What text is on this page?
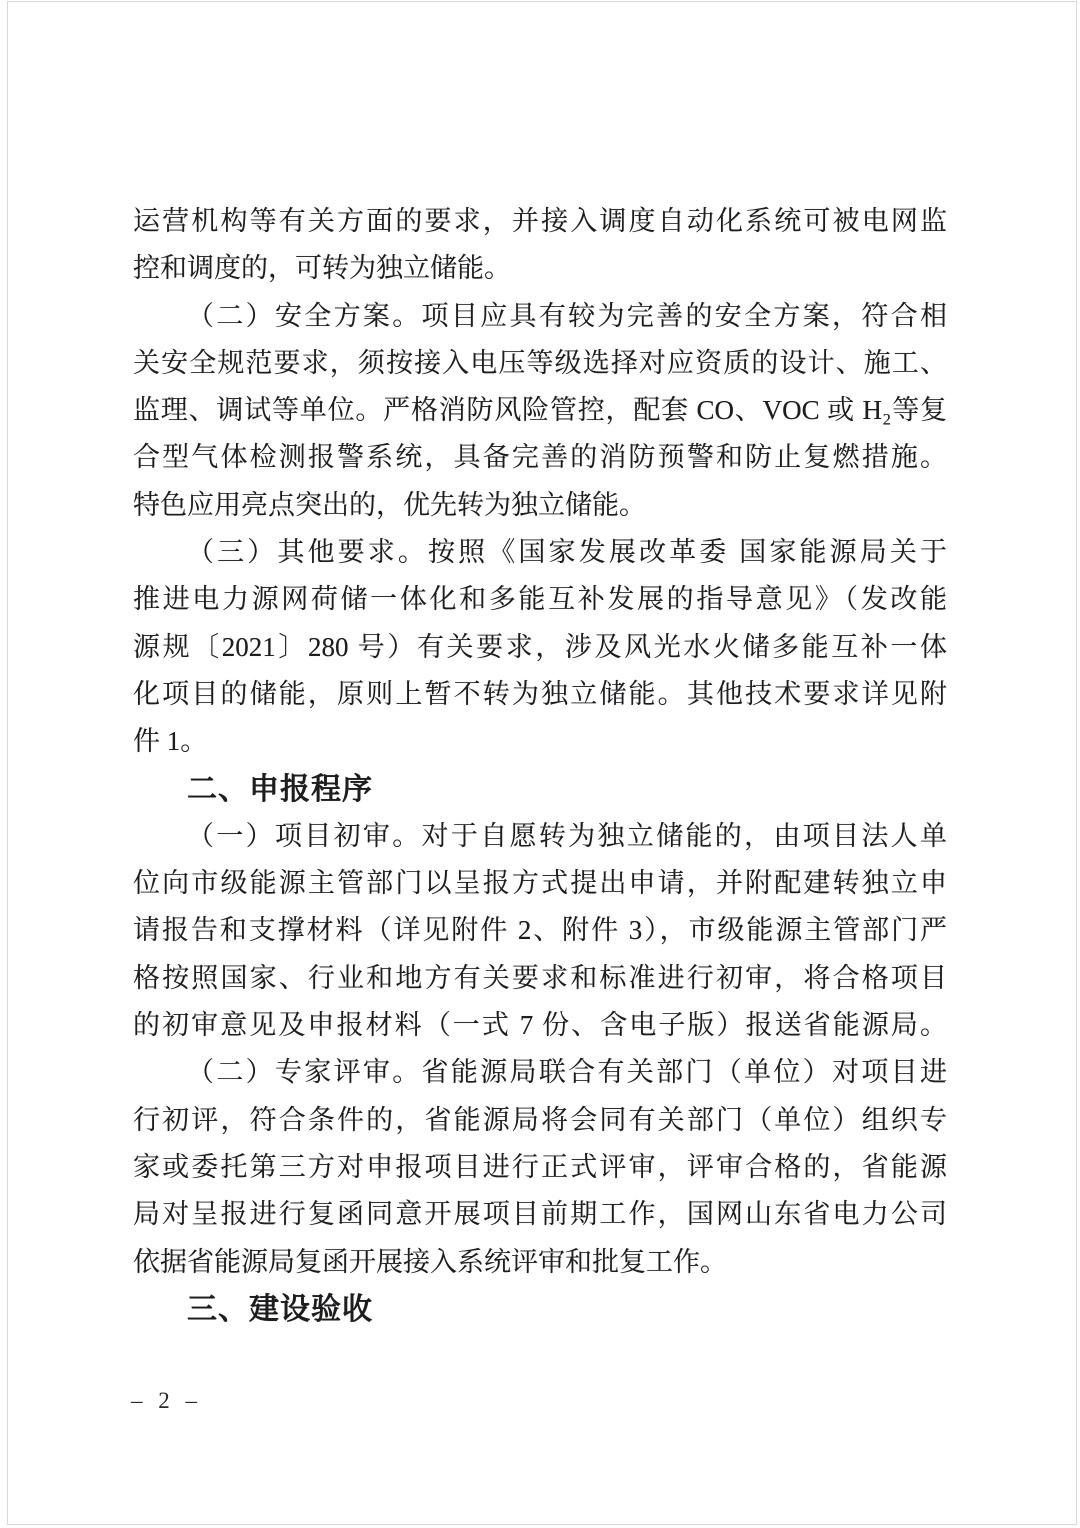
运营机构等有关方面的要求，并接入调度自动化系统可被电网监
控和调度的，可转为独立储能。
（二）安全方案。项目应具有较为完善的安全方案，符合相
关安全规范要求，须按接入电压等级选择对应资质的设计、施工、
监理、调试等单位。严格消防风险管控，配套 CO、VOC 或 H₂等复
合型气体检测报警系统，具备完善的消防预警和防止复燃措施。
特色应用亮点突出的，优先转为独立储能。
（三）其他要求。按照《国家发展改革委 国家能源局关于
推进电力源网荷储一体化和多能互补发展的指导意见》（发改能
源规〔2021〕280 号）有关要求，涉及风光水火储多能互补一体
化项目的储能，原则上暂不转为独立储能。其他技术要求详见附
件 1。
二、申报程序
（一）项目初审。对于自愿转为独立储能的，由项目法人单
位向市级能源主管部门以呈报方式提出申请，并附配建转独立申
请报告和支撑材料（详见附件 2、附件 3），市级能源主管部门严
格按照国家、行业和地方有关要求和标准进行初审，将合格项目
的初审意见及申报材料（一式 7 份、含电子版）报送省能源局。
（二）专家评审。省能源局联合有关部门（单位）对项目进
行初评，符合条件的，省能源局将会同有关部门（单位）组织专
家或委托第三方对申报项目进行正式评审，评审合格的，省能源
局对呈报进行复函同意开展项目前期工作，国网山东省电力公司
依据省能源局复函开展接入系统评审和批复工作。
三、建设验收
– 2 –
